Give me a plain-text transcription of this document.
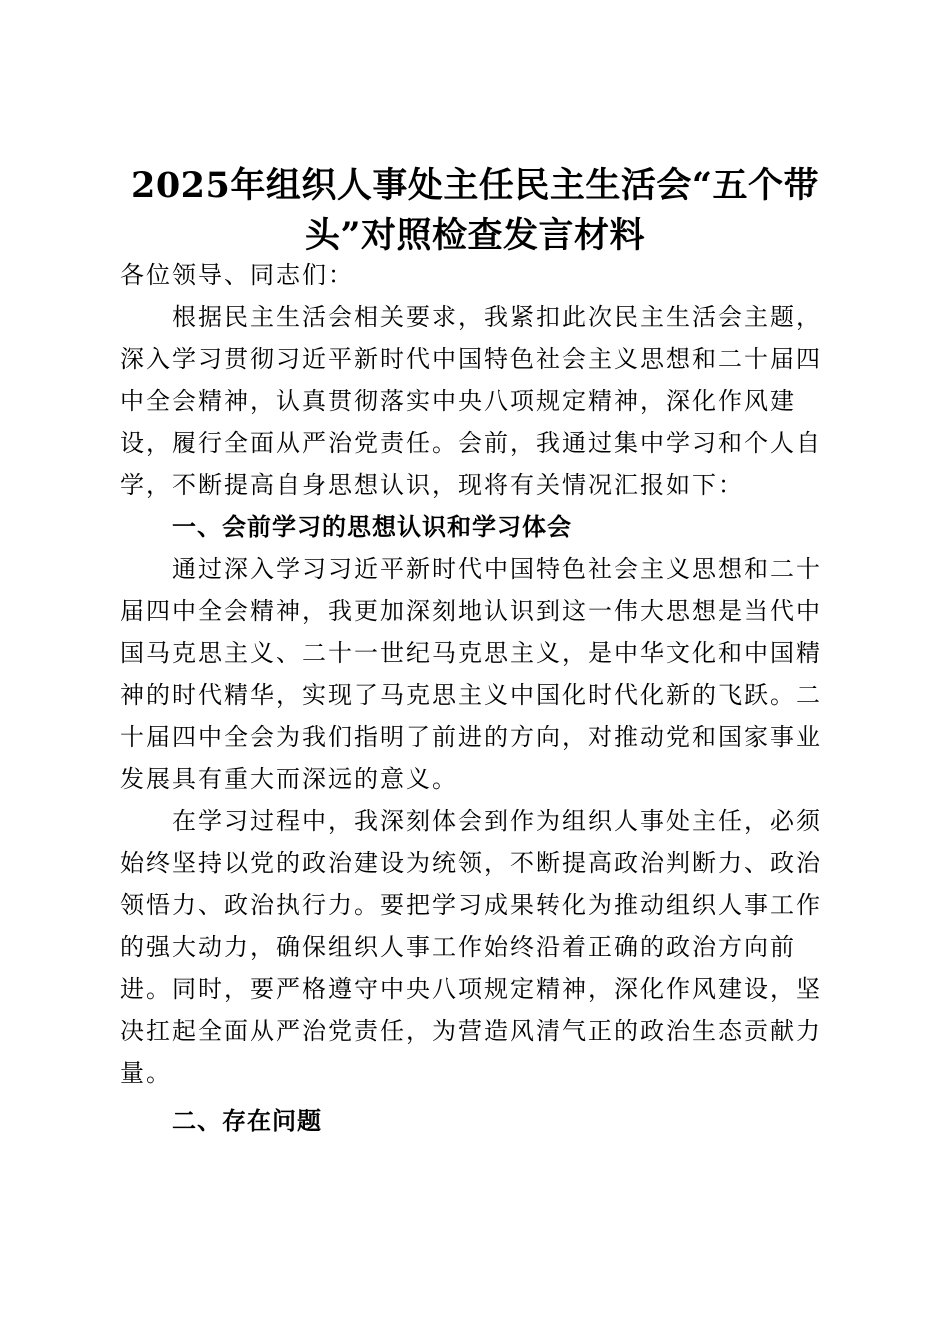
2025年组织人事处主任民主生活会“五个带
头”对照检查发言材料

各位领导、同志们：

根据民主生活会相关要求，我紧扣此次民主生活会主题，深入学习贯彻习近平新时代中国特色社会主义思想和二十届四中全会精神，认真贯彻落实中央八项规定精神，深化作风建设，履行全面从严治党责任。会前，我通过集中学习和个人自学，不断提高自身思想认识，现将有关情况汇报如下：

一、会前学习的思想认识和学习体会

通过深入学习习近平新时代中国特色社会主义思想和二十届四中全会精神，我更加深刻地认识到这一伟大思想是当代中国马克思主义、二十一世纪马克思主义，是中华文化和中国精神的时代精华，实现了马克思主义中国化时代化新的飞跃。二十届四中全会为我们指明了前进的方向，对推动党和国家事业发展具有重大而深远的意义。

在学习过程中，我深刻体会到作为组织人事处主任，必须始终坚持以党的政治建设为统领，不断提高政治判断力、政治领悟力、政治执行力。要把学习成果转化为推动组织人事工作的强大动力，确保组织人事工作始终沿着正确的政治方向前进。同时，要严格遵守中央八项规定精神，深化作风建设，坚决扛起全面从严治党责任，为营造风清气正的政治生态贡献力量。

二、存在问题
